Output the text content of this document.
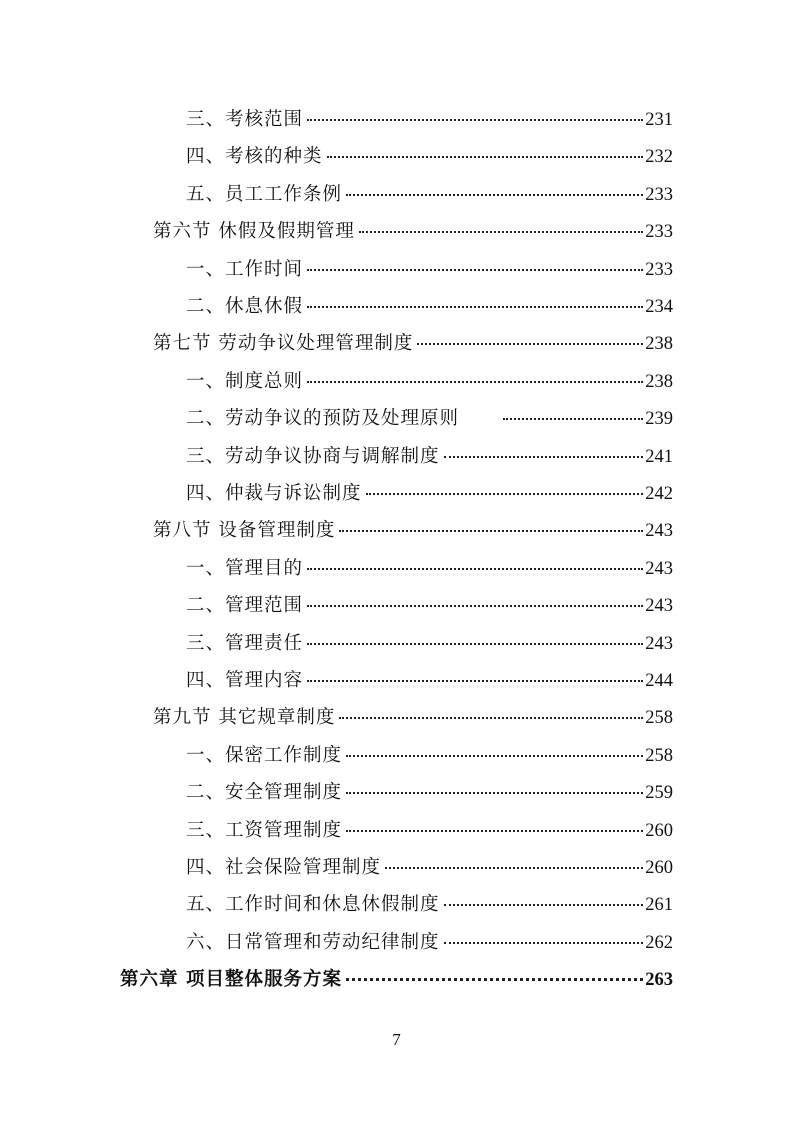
三、考核范围	231
四、考核的种类	232
五、员工工作条例	233
第六节 休假及假期管理	233
一、工作时间	233
二、休息休假	234
第七节 劳动争议处理管理制度	238
一、制度总则	238
二、劳动争议的预防及处理原则	239
三、劳动争议协商与调解制度	241
四、仲裁与诉讼制度	242
第八节 设备管理制度	243
一、管理目的	243
二、管理范围	243
三、管理责任	243
四、管理内容	244
第九节 其它规章制度	258
一、保密工作制度	258
二、安全管理制度	259
三、工资管理制度	260
四、社会保险管理制度	260
五、工作时间和休息休假制度	261
六、日常管理和劳动纪律制度	262
第六章 项目整体服务方案	263
7
